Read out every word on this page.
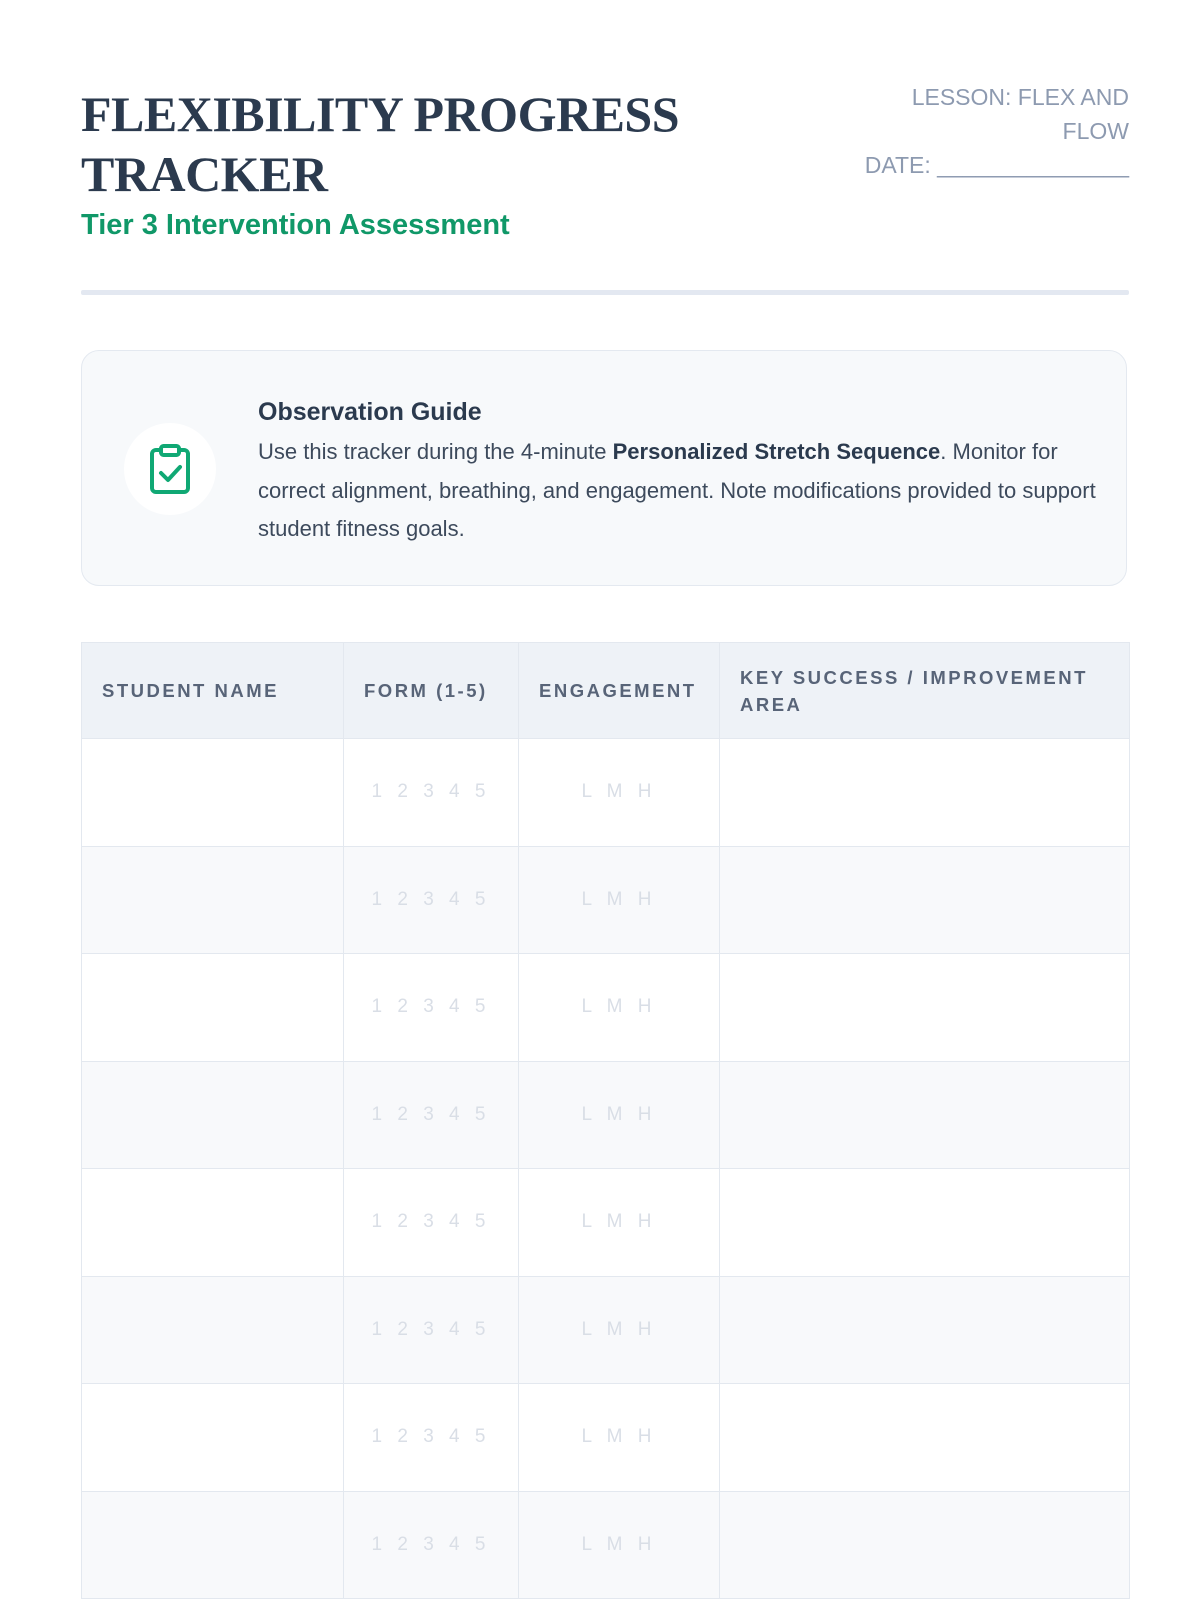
FLEXIBILITY PROGRESS TRACKER
Tier 3 Intervention Assessment
LESSON: FLEX AND FLOW
DATE: _______________

Observation Guide

Use this tracker during the 4-minute Personalized Stretch Sequence. Monitor for correct alignment, breathing, and engagement. Note modifications provided to support student fitness goals.

STUDENT NAME	FORM (1-5)	ENGAGEMENT	KEY SUCCESS / IMPROVEMENT AREA
	1 2 3 4 5	L M H	
	1 2 3 4 5	L M H	
	1 2 3 4 5	L M H	
	1 2 3 4 5	L M H	
	1 2 3 4 5	L M H	
	1 2 3 4 5	L M H	
	1 2 3 4 5	L M H	
	1 2 3 4 5	L M H	
